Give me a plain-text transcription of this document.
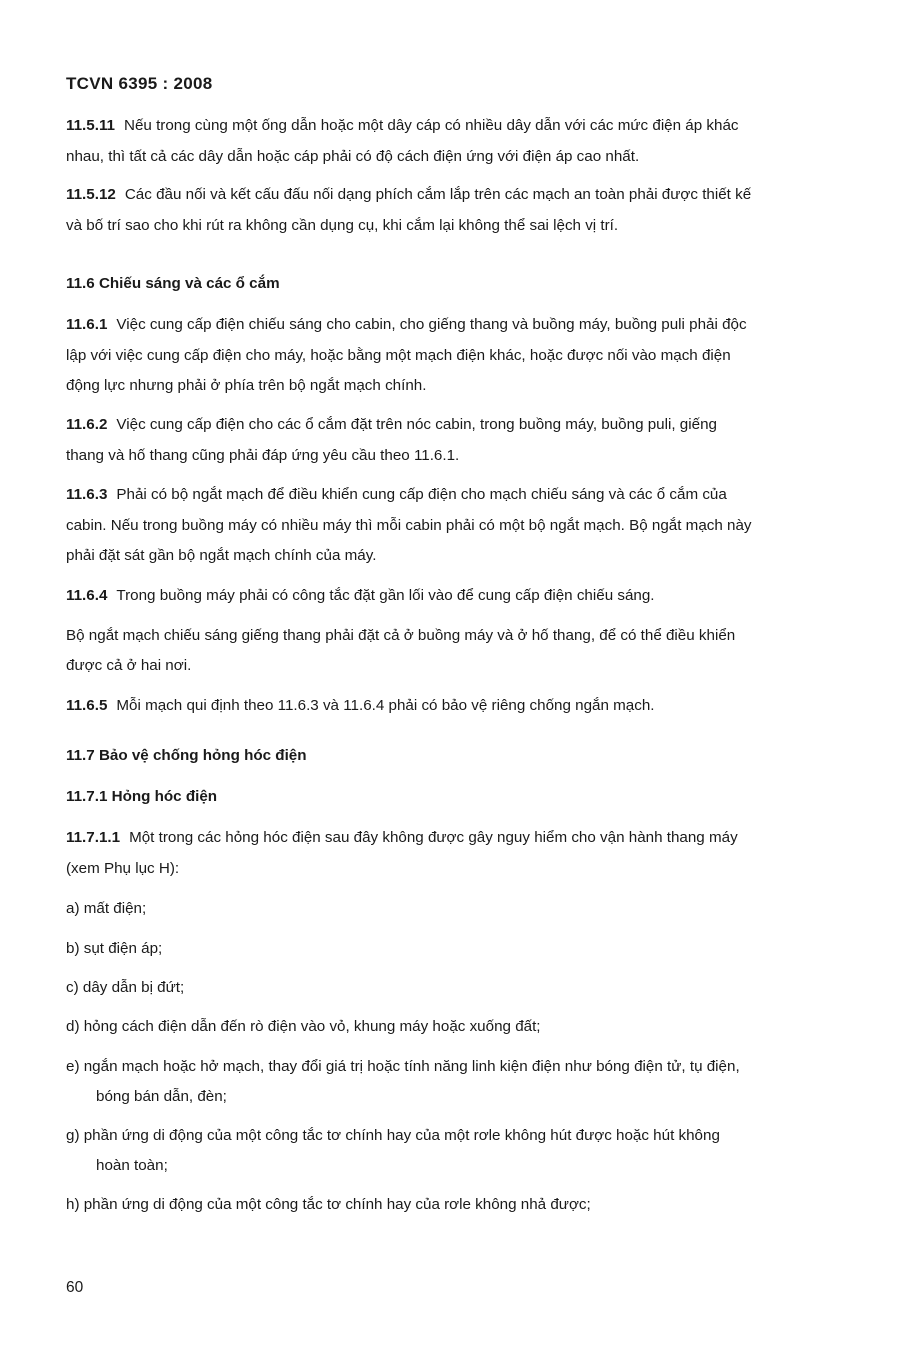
TCVN 6395 : 2008
11.5.11 Nếu trong cùng một ống dẫn hoặc một dây cáp có nhiều dây dẫn với các mức điện áp khác
nhau, thì tất cả các dây dẫn hoặc cáp phải có độ cách điện ứng với điện áp cao nhất.
11.5.12 Các đầu nối và kết cấu đấu nối dạng phích cắm lắp trên các mạch an toàn phải được thiết kế
và bố trí sao cho khi rút ra không cần dụng cụ, khi cắm lại không thể sai lệch vị trí.
11.6 Chiếu sáng và các ổ cắm
11.6.1 Việc cung cấp điện chiếu sáng cho cabin, cho giếng thang và buồng máy, buồng puli phải độc
lập với việc cung cấp điện cho máy, hoặc bằng một mạch điện khác, hoặc được nối vào mạch điện
động lực nhưng phải ở phía trên bộ ngắt mạch chính.
11.6.2 Việc cung cấp điện cho các ổ cắm đặt trên nóc cabin, trong buồng máy, buồng puli, giếng
thang và hố thang cũng phải đáp ứng yêu cầu theo 11.6.1.
11.6.3 Phải có bộ ngắt mạch để điều khiển cung cấp điện cho mạch chiếu sáng và các ổ cắm của
cabin. Nếu trong buồng máy có nhiều máy thì mỗi cabin phải có một bộ ngắt mạch. Bộ ngắt mạch này
phải đặt sát gần bộ ngắt mạch chính của máy.
11.6.4 Trong buồng máy phải có công tắc đặt gần lối vào để cung cấp điện chiếu sáng.
Bộ ngắt mạch chiếu sáng giếng thang phải đặt cả ở buồng máy và ở hố thang, để có thể điều khiển
được cả ở hai nơi.
11.6.5 Mỗi mạch qui định theo 11.6.3 và 11.6.4 phải có bảo vệ riêng chống ngắn mạch.
11.7 Bảo vệ chống hỏng hóc điện
11.7.1 Hỏng hóc điện
11.7.1.1 Một trong các hỏng hóc điện sau đây không được gây nguy hiểm cho vận hành thang máy
(xem Phụ lục H):
a) mất điện;
b) sụt điện áp;
c) dây dẫn bị đứt;
d) hỏng cách điện dẫn đến rò điện vào vỏ, khung máy hoặc xuống đất;
e) ngắn mạch hoặc hở mạch, thay đổi giá trị hoặc tính năng linh kiện điện như bóng điện tử, tụ điện,
bóng bán dẫn, đèn;
g) phần ứng di động của một công tắc tơ chính hay của một rơle không hút được hoặc hút không
hoàn toàn;
h) phần ứng di động của một công tắc tơ chính hay của rơle không nhả được;
60
